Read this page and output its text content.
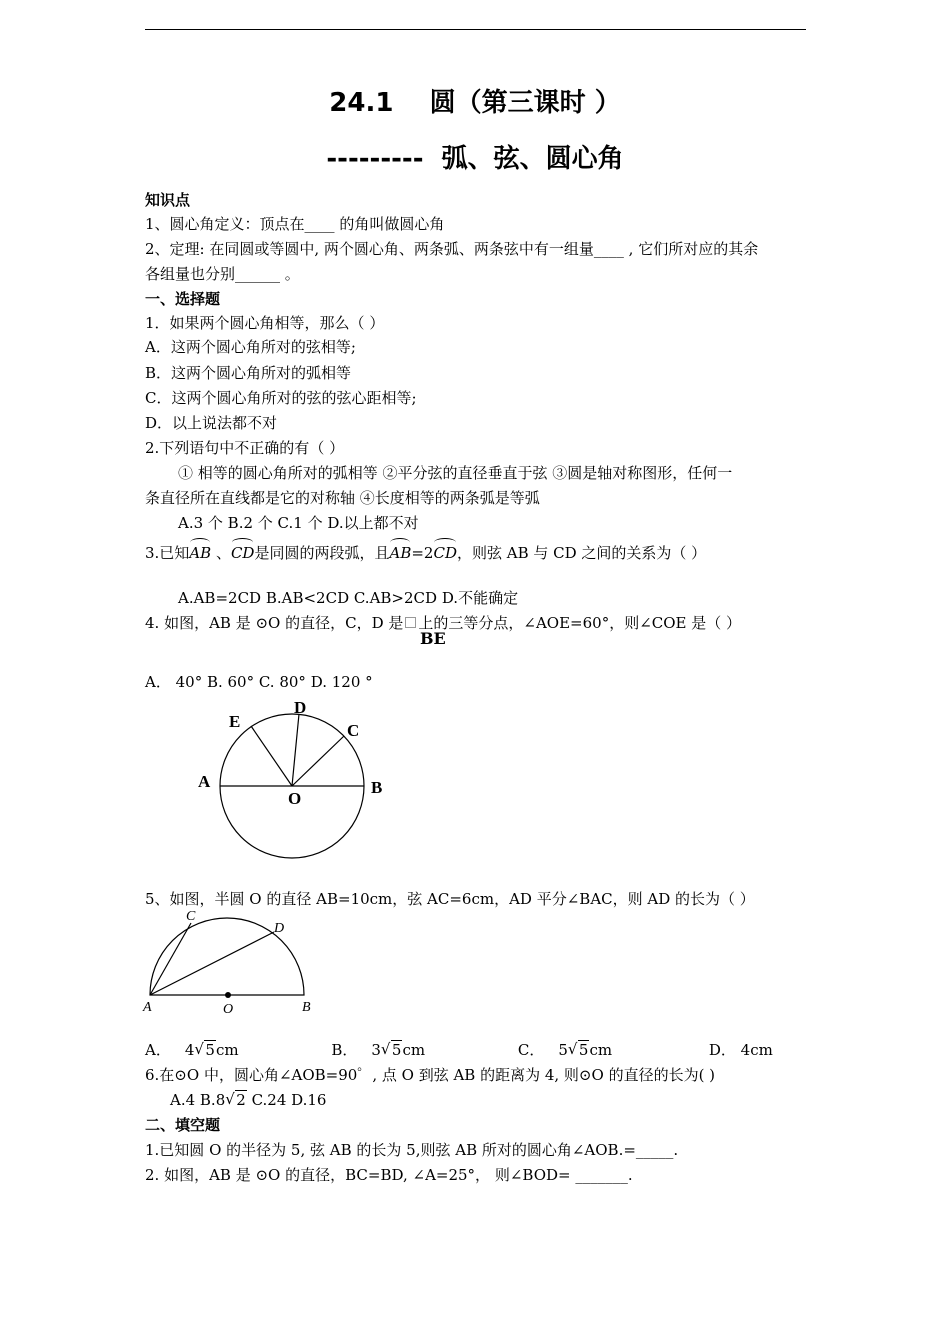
24.1    圆（第三课时 ）
---------  弧、弦、圆心角
知识点
1、圆心角定义：顶点在____ 的角叫做圆心角
2、定理: 在同圆或等圆中, 两个圆心角、两条弧、两条弦中有一组量____ , 它们所对应的其余
各组量也分别______ 。
一、选择题
1．如果两个圆心角相等，那么（ ）
A．这两个圆心角所对的弦相等;
B．这两个圆心角所对的弧相等
C．这两个圆心角所对的弦的弦心距相等;
D．以上说法都不对
2.下列语句中不正确的有（ ）
① 相等的圆心角所对的弧相等 ②平分弦的直径垂直于弦 ③圆是轴对称图形，任何一
条直径所在直线都是它的对称轴 ④长度相等的两条弧是等弧
A.3 个 B.2 个 C.1 个 D.以上都不对
3.已知AB 、CD是同圆的两段弧，且AB=2CD，则弦 AB 与 CD 之间的关系为（ ）
A.AB=2CD B.AB<2CD C.AB>2CD D.不能确定
4. 如图，AB 是 ⊙O 的直径，C，D 是 上的三等分点，∠AOE=60°，则∠COE 是（ ）
BE
A． 40° B. 60° C. 80° D. 120 °
A	B
C
D
E
O
5、如图，半圆 O 的直径 AB=10cm，弦 AC=6cm，AD 平分∠BAC，则 AD 的长为（ ）
A	B
C
D
O
A． 4 √ 5cm	B． 3 √ 5cm	C． 5 √ 5cm	D． 4cm
6.在⊙O 中，圆心角∠AOB=90゜, 点 O 到弦 AB 的距离为 4, 则⊙O 的直径的长为( )
A.4 B.8 √ 2 C.24 D.16
二、填空题
1.已知圆 O 的半径为 5, 弦 AB 的长为 5,则弦 AB 所对的圆心角∠AOB.=_____.
2. 如图，AB 是 ⊙O 的直径，BC=BD, ∠A=25°， 则∠BOD= _______.
